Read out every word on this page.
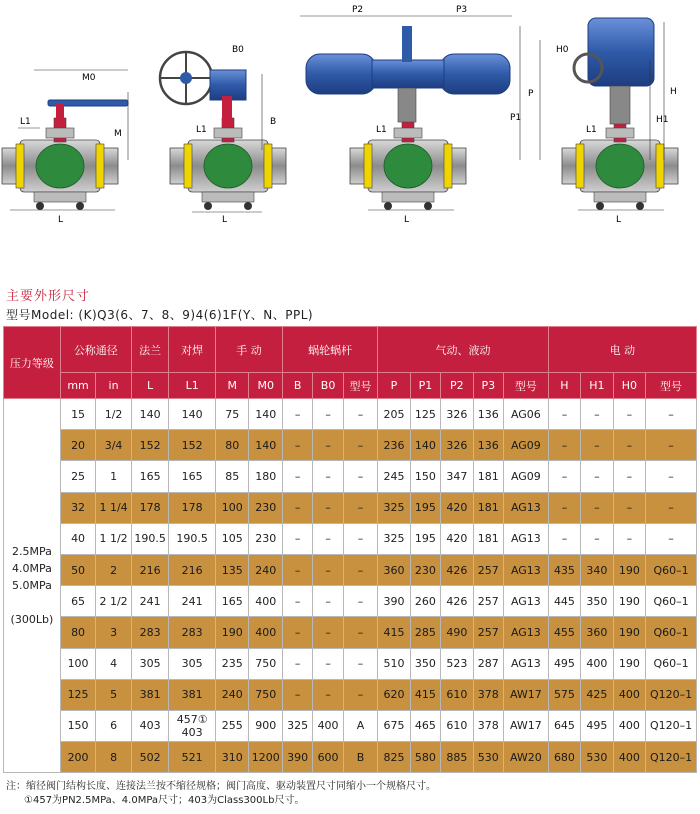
M0
M
L1
L
B0
B
L1
L
P2	P3
P
P1
L1
L
H0
H
H1
L1
L
主要外形尺寸
型号Model: (K)Q3(6、7、8、9)4(6)1F(Y、N、PPL)
压力等级	公称通径		法兰	对焊	手 动		蜗轮蜗杆			气动、液动					电 动			
	mm	in	L	L1	M	M0	B	B0	型号	P	P1	P2	P3	型号	H	H1	H0	型号

2.5MPa
4.0MPa
5.0MPa

(300Lb)	15	1/2	140	140	75	140	–	–	–	205	125	326	136	AG06	–	–	–	–
	20	3/4	152	152	80	140	–	–	–	236	140	326	136	AG09	–	–	–	–
	25	1	165	165	85	180	–	–	–	245	150	347	181	AG09	–	–	–	–
	32	1 1/4	178	178	100	230	–	–	–	325	195	420	181	AG13	–	–	–	–
	40	1 1/2	190.5	190.5	105	230	–	–	–	325	195	420	181	AG13	–	–	–	–
	50	2	216	216	135	240	–	–	–	360	230	426	257	AG13	435	340	190	Q60–1
	65	2 1/2	241	241	165	400	–	–	–	390	260	426	257	AG13	445	350	190	Q60–1
	80	3	283	283	190	400	–	–	–	415	285	490	257	AG13	455	360	190	Q60–1
	100	4	305	305	235	750	–	–	–	510	350	523	287	AG13	495	400	190	Q60–1
	125	5	381	381	240	750	–	–	–	620	415	610	378	AW17	575	425	400	Q120–1
	150	6	403	457① 403	255	900	325	400	A	675	465	610	378	AW17	645	495	400	Q120–1
	200	8	502	521	310	1200	390	600	B	825	580	885	530	AW20	680	530	400	Q120–1
注：缩径阀门结构长度、连接法兰按不缩径规格；阀门高度、驱动装置尺寸同缩小一个规格尺寸。
①457为PN2.5MPa、4.0MPa尺寸；403为Class300Lb尺寸。
